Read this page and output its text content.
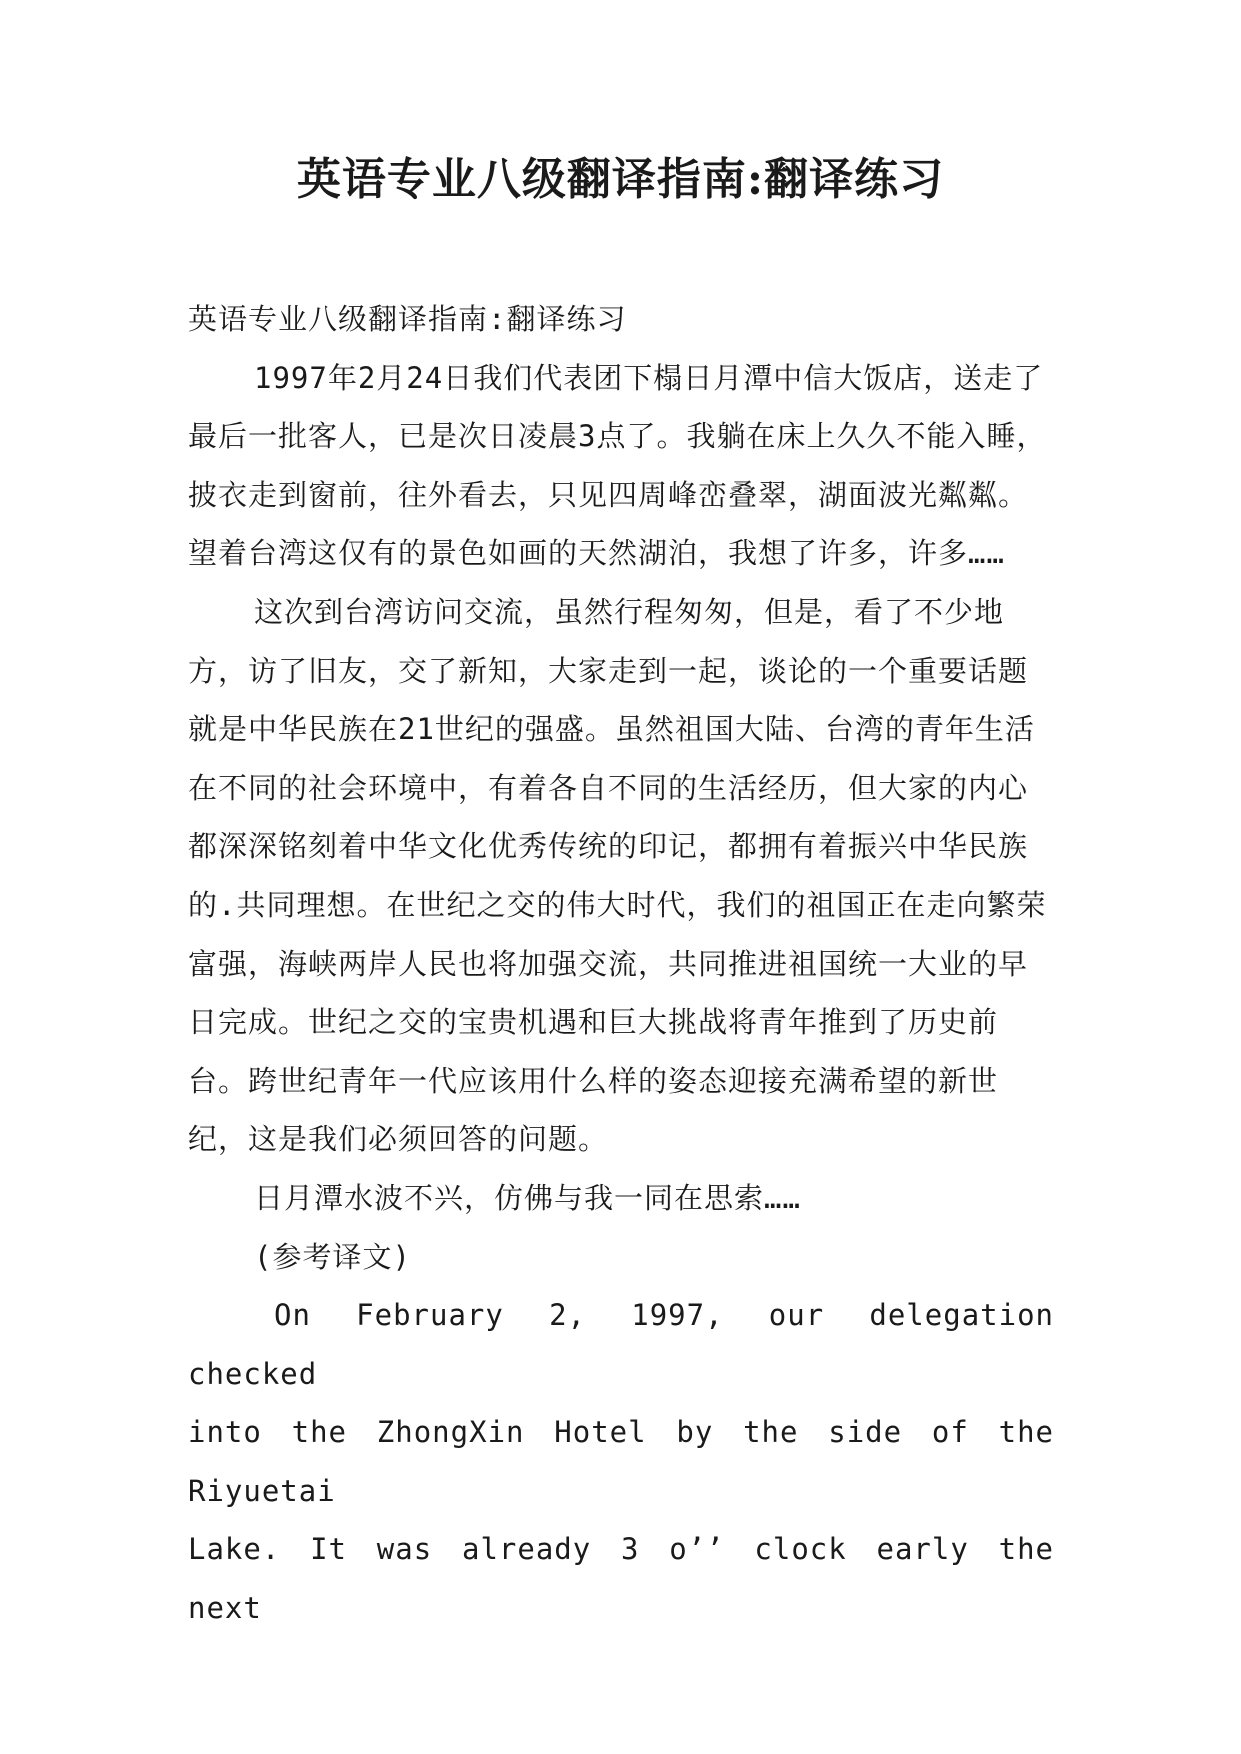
英语专业八级翻译指南:翻译练习

英语专业八级翻译指南:翻译练习

1997年2月24日我们代表团下榻日月潭中信大饭店，送走了最后一批客人，已是次日凌晨3点了。我躺在床上久久不能入睡，披衣走到窗前，往外看去，只见四周峰峦叠翠，湖面波光粼粼。望着台湾这仅有的景色如画的天然湖泊，我想了许多，许多……

这次到台湾访问交流，虽然行程匆匆，但是，看了不少地方，访了旧友，交了新知，大家走到一起，谈论的一个重要话题就是中华民族在21世纪的强盛。虽然祖国大陆、台湾的青年生活在不同的社会环境中，有着各自不同的生活经历，但大家的内心都深深铭刻着中华文化优秀传统的印记，都拥有着振兴中华民族的.共同理想。在世纪之交的伟大时代，我们的祖国正在走向繁荣富强，海峡两岸人民也将加强交流，共同推进祖国统一大业的早日完成。世纪之交的宝贵机遇和巨大挑战将青年推到了历史前台。跨世纪青年一代应该用什么样的姿态迎接充满希望的新世纪，这是我们必须回答的问题。

日月潭水波不兴，仿佛与我一同在思索……

(参考译文)

On February 2, 1997, our delegation checked

into the ZhongXin Hotel by the side of the Riyuetai

Lake. It was already 3 o’’ clock early the next
